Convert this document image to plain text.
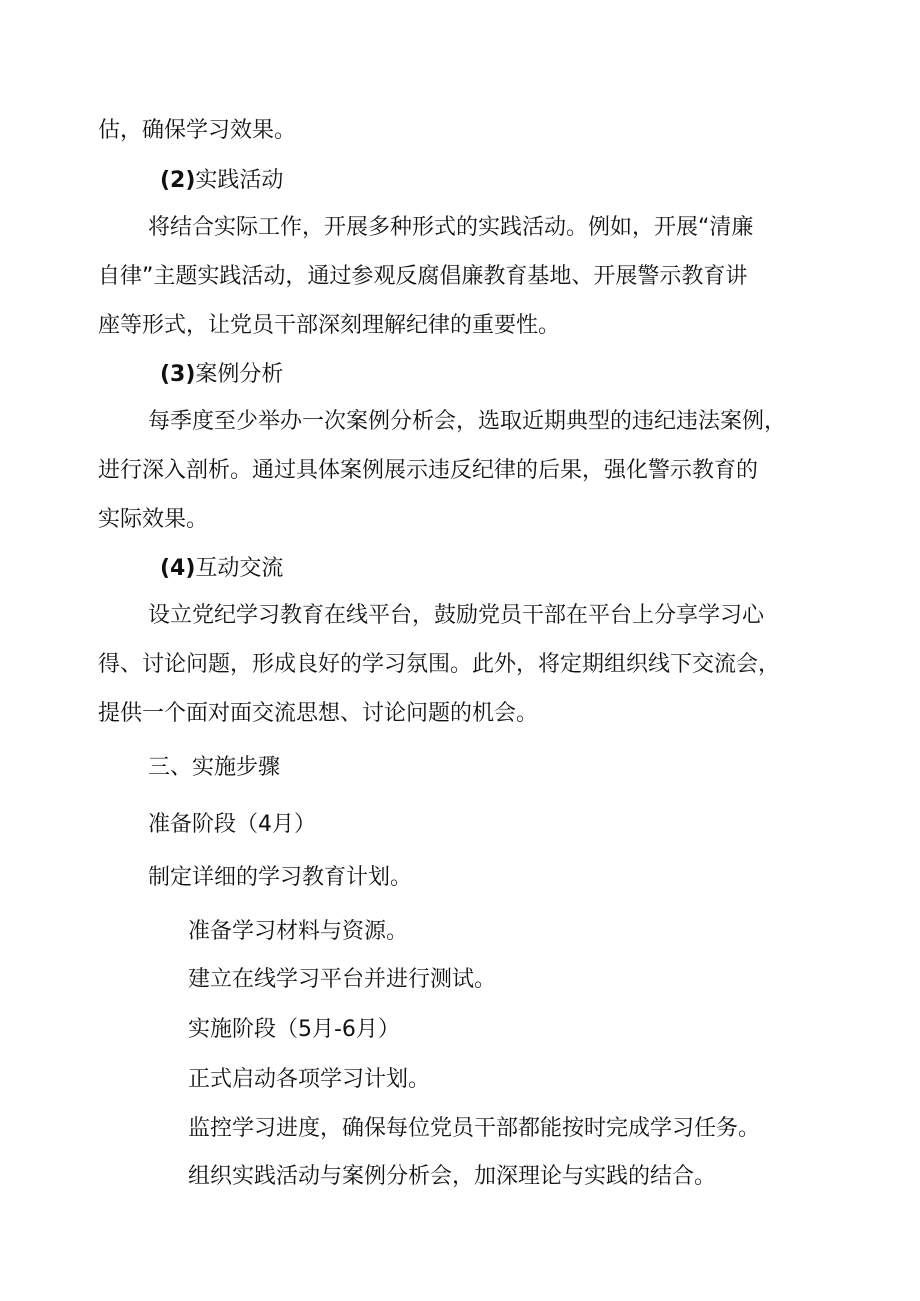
估，确保学习效果。
(2)实践活动
将结合实际工作，开展多种形式的实践活动。例如，开展“清廉
自律”主题实践活动，通过参观反腐倡廉教育基地、开展警示教育讲
座等形式，让党员干部深刻理解纪律的重要性。
(3)案例分析
每季度至少举办一次案例分析会，选取近期典型的违纪违法案例，
进行深入剖析。通过具体案例展示违反纪律的后果，强化警示教育的
实际效果。
(4)互动交流
设立党纪学习教育在线平台，鼓励党员干部在平台上分享学习心
得、讨论问题，形成良好的学习氛围。此外，将定期组织线下交流会，
提供一个面对面交流思想、讨论问题的机会。
三、实施步骤
准备阶段（4月）
制定详细的学习教育计划。
准备学习材料与资源。
建立在线学习平台并进行测试。
实施阶段（5月-6月）
正式启动各项学习计划。
监控学习进度，确保每位党员干部都能按时完成学习任务。
组织实践活动与案例分析会，加深理论与实践的结合。
